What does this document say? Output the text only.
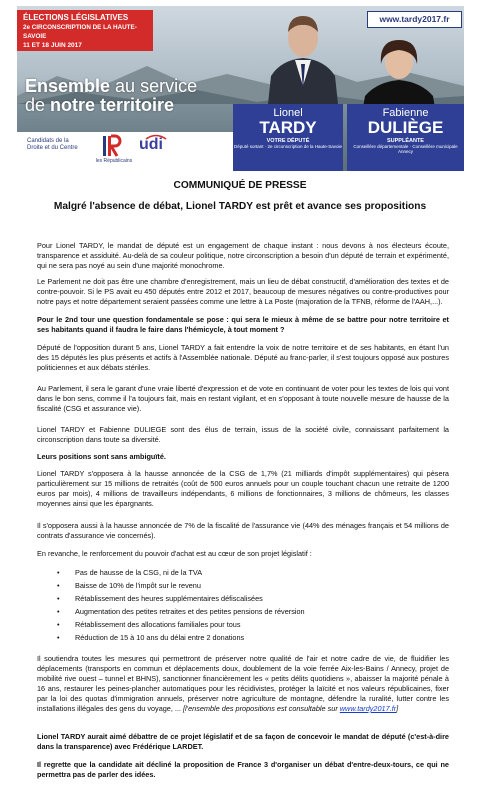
ÉLECTIONS LÉGISLATIVES
2e CIRCONSCRIPTION DE LA HAUTE-SAVOIE
11 ET 18 JUIN 2017
www.tardy2017.fr
Ensemble au service
de notre territoire
Candidats de la Droite et du Centre
les Républicains
udi
Lionel
TARDY
VOTRE DÉPUTÉ
Député sortant · 2e circonscription de la Haute-Savoie
Fabienne
DULIÈGE
SUPPLÉANTE
Conseillère départementale · Conseillère municipale Annecy
COMMUNIQUÉ DE PRESSE
Malgré l'absence de débat, Lionel TARDY est prêt et avance ses propositions
Pour Lionel TARDY, le mandat de député est un engagement de chaque instant : nous devons à nos électeurs écoute, transparence et assiduité. Au-delà de sa couleur politique, notre circonscription a besoin d'un député de terrain et expérimenté, qui ne sera pas noyé au sein d'une majorité monochrome.
Le Parlement ne doit pas être une chambre d'enregistrement, mais un lieu de débat constructif, d'amélioration des textes et de contre-pouvoir. Si le PS avait eu 450 députés entre 2012 et 2017, beaucoup de mesures négatives ou contre-productives pour notre pays et notre département seraient passées comme une lettre à La Poste (majoration de la TFNB, réforme de l'AAH,...).
Pour le 2nd tour une question fondamentale se pose : qui sera le mieux à même de se battre pour notre territoire et ses habitants quand il faudra le faire dans l'hémicycle, à tout moment ?
Député de l'opposition durant 5 ans, Lionel TARDY a fait entendre la voix de notre territoire et de ses habitants, en étant l'un des 15 députés les plus présents et actifs à l'Assemblée nationale. Député au franc-parler, il s'est toujours opposé aux postures politiciennes et aux débats stériles.
Au Parlement, il sera le garant d'une vraie liberté d'expression et de vote en continuant de voter pour les textes de lois qui vont dans le bon sens, comme il l'a toujours fait, mais en restant vigilant, et en s'opposant à toute nouvelle mesure de hausse de la fiscalité (CSG et assurance vie).
Lionel TARDY et Fabienne DULIEGE sont des élus de terrain, issus de la société civile, connaissant parfaitement la circonscription dans toute sa diversité.
Leurs positions sont sans ambiguïté.
Lionel TARDY s'opposera à la hausse annoncée de la CSG de 1,7% (21 milliards d'impôt supplémentaires) qui pèsera particulièrement sur 15 millions de retraités (coût de 500 euros annuels pour un couple touchant chacun une retraite de 1200 euros par mois), 4 millions de travailleurs indépendants, 6 millions de fonctionnaires, 3 millions de chômeurs, les classes moyennes ainsi que les épargnants.
Il s'opposera aussi à la hausse annoncée de 7% de la fiscalité de l'assurance vie (44% des ménages français et 54 millions de contrats d'assurance vie concernés).
En revanche, le renforcement du pouvoir d'achat est au cœur de son projet législatif :
• Pas de hausse de la CSG, ni de la TVA
• Baisse de 10% de l'impôt sur le revenu
• Rétablissement des heures supplémentaires défiscalisées
• Augmentation des petites retraites et des petites pensions de réversion
• Rétablissement des allocations familiales pour tous
• Réduction de 15 à 10 ans du délai entre 2 donations
Il soutiendra toutes les mesures qui permettront de préserver notre qualité de l'air et notre cadre de vie, de fluidifier les déplacements (transports en commun et déplacements doux, doublement de la voie ferrée Aix-les-Bains / Annecy, projet de mobilité rive ouest – tunnel et BHNS), sanctionner financièrement les « petits délits quotidiens », abaisser la majorité pénale à 16 ans, restaurer les peines-plancher automatiques pour les récidivistes, protéger la laïcité et nos valeurs républicaines, fixer par la loi des quotas d'immigration annuels, préserver notre agriculture de montagne, défendre la ruralité, lutter contre les installations illégales des gens du voyage, ... [l'ensemble des propositions est consultable sur www.tardy2017.fr]
Lionel TARDY aurait aimé débattre de ce projet législatif et de sa façon de concevoir le mandat de député (c'est-à-dire dans la transparence) avec Frédérique LARDET.
Il regrette que la candidate ait décliné la proposition de France 3 d'organiser un débat d'entre-deux-tours, ce qui ne permettra pas de parler des idées.
